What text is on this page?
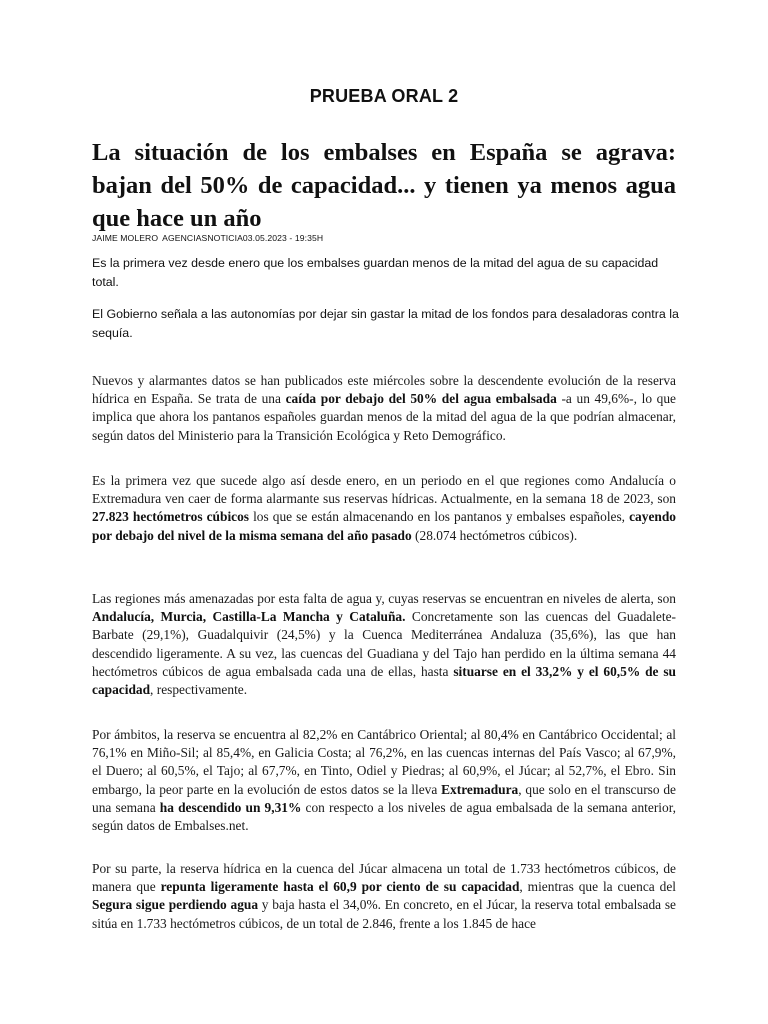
PRUEBA ORAL 2
La situación de los embalses en España se agrava: bajan del 50% de capacidad... y tienen ya menos agua que hace un año
JAIME MOLERO AGENCIASNOTICIA03.05.2023 - 19:35H

Es la primera vez desde enero que los embalses guardan menos de la mitad del agua de su capacidad total.

El Gobierno señala a las autonomías por dejar sin gastar la mitad de los fondos para desaladoras contra la sequía.

Nuevos y alarmantes datos se han publicados este miércoles sobre la descendente evolución de la reserva hídrica en España. Se trata de una caída por debajo del 50% del agua embalsada -a un 49,6%-, lo que implica que ahora los pantanos españoles guardan menos de la mitad del agua de la que podrían almacenar, según datos del Ministerio para la Transición Ecológica y Reto Demográfico.

Es la primera vez que sucede algo así desde enero, en un periodo en el que regiones como Andalucía o Extremadura ven caer de forma alarmante sus reservas hídricas. Actualmente, en la semana 18 de 2023, son 27.823 hectómetros cúbicos los que se están almacenando en los pantanos y embalses españoles, cayendo por debajo del nivel de la misma semana del año pasado (28.074 hectómetros cúbicos).

Las regiones más amenazadas por esta falta de agua y, cuyas reservas se encuentran en niveles de alerta, son Andalucía, Murcia, Castilla-La Mancha y Cataluña. Concretamente son las cuencas del Guadalete-Barbate (29,1%), Guadalquivir (24,5%) y la Cuenca Mediterránea Andaluza (35,6%), las que han descendido ligeramente. A su vez, las cuencas del Guadiana y del Tajo han perdido en la última semana 44 hectómetros cúbicos de agua embalsada cada una de ellas, hasta situarse en el 33,2% y el 60,5% de su capacidad, respectivamente.

Por ámbitos, la reserva se encuentra al 82,2% en Cantábrico Oriental; al 80,4% en Cantábrico Occidental; al 76,1% en Miño-Sil; al 85,4%, en Galicia Costa; al 76,2%, en las cuencas internas del País Vasco; al 67,9%, el Duero; al 60,5%, el Tajo; al 67,7%, en Tinto, Odiel y Piedras; al 60,9%, el Júcar; al 52,7%, el Ebro. Sin embargo, la peor parte en la evolución de estos datos se la lleva Extremadura, que solo en el transcurso de una semana ha descendido un 9,31% con respecto a los niveles de agua embalsada de la semana anterior, según datos de Embalses.net.

Por su parte, la reserva hídrica en la cuenca del Júcar almacena un total de 1.733 hectómetros cúbicos, de manera que repunta ligeramente hasta el 60,9 por ciento de su capacidad, mientras que la cuenca del Segura sigue perdiendo agua y baja hasta el 34,0%. En concreto, en el Júcar, la reserva total embalsada se sitúa en 1.733 hectómetros cúbicos, de un total de 2.846, frente a los 1.845 de hace
